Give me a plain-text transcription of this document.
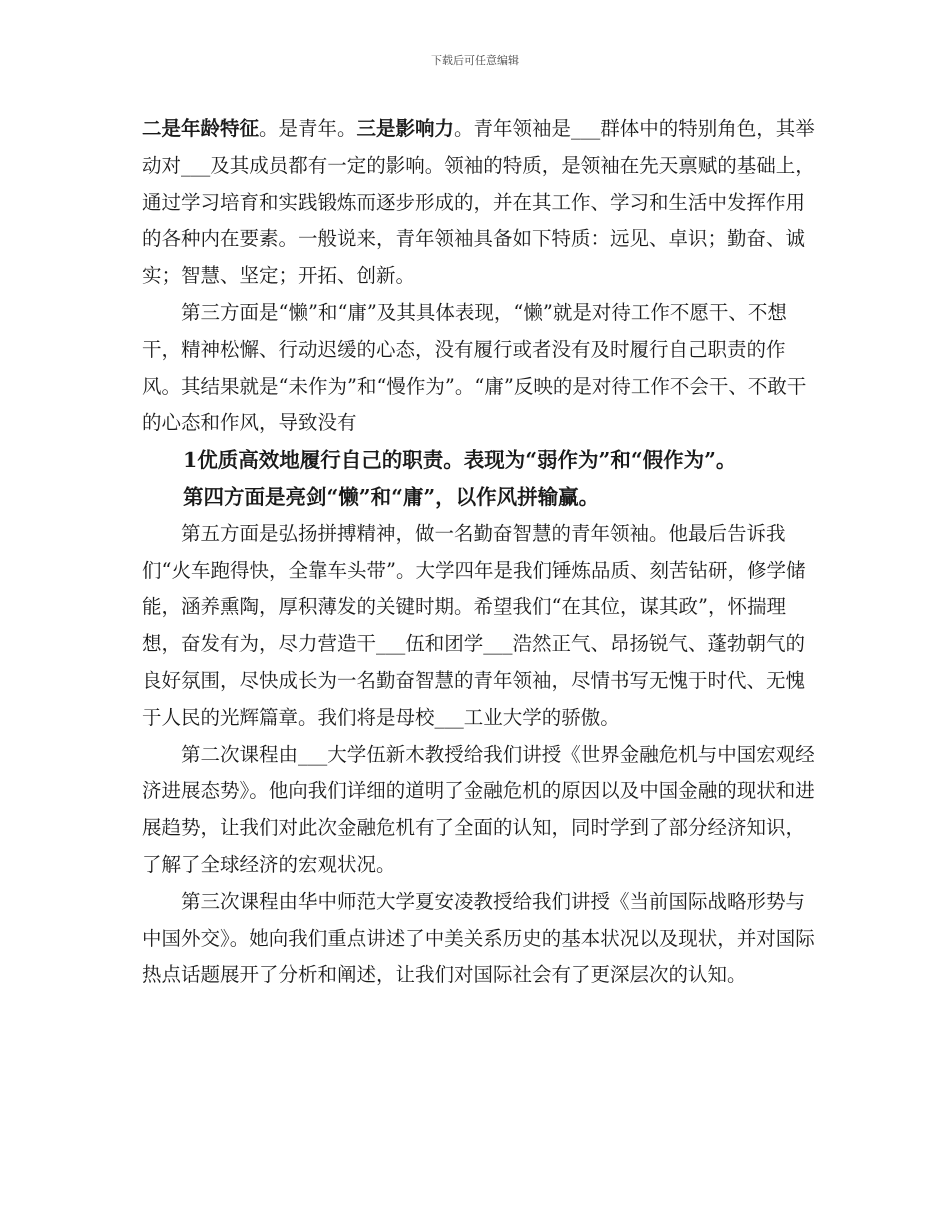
下载后可任意编辑

二是年龄特征。是青年。三是影响力。青年领袖是___群体中的特别角色，其举动对___及其成员都有一定的影响。领袖的特质，是领袖在先天禀赋的基础上，通过学习培育和实践锻炼而逐步形成的，并在其工作、学习和生活中发挥作用的各种内在要素。一般说来，青年领袖具备如下特质：远见、卓识；勤奋、诚实；智慧、坚定；开拓、创新。

第三方面是“懒”和“庸”及其具体表现，“懒”就是对待工作不愿干、不想干，精神松懈、行动迟缓的心态，没有履行或者没有及时履行自己职责的作风。其结果就是“未作为”和“慢作为”。“庸”反映的是对待工作不会干、不敢干的心态和作风，导致没有

1优质高效地履行自己的职责。表现为“弱作为”和“假作为”。

第四方面是亮剑“懒”和“庸”，以作风拼输赢。

第五方面是弘扬拼搏精神，做一名勤奋智慧的青年领袖。他最后告诉我们“火车跑得快，全靠车头带”。大学四年是我们锤炼品质、刻苦钻研，修学储能，涵养熏陶，厚积薄发的关键时期。希望我们“在其位，谋其政”，怀揣理想，奋发有为，尽力营造干___伍和团学___浩然正气、昂扬锐气、蓬勃朝气的良好氛围，尽快成长为一名勤奋智慧的青年领袖，尽情书写无愧于时代、无愧于人民的光辉篇章。我们将是母校___工业大学的骄傲。

第二次课程由___大学伍新木教授给我们讲授《世界金融危机与中国宏观经济进展态势》。他向我们详细的道明了金融危机的原因以及中国金融的现状和进展趋势，让我们对此次金融危机有了全面的认知，同时学到了部分经济知识，了解了全球经济的宏观状况。

第三次课程由华中师范大学夏安凌教授给我们讲授《当前国际战略形势与中国外交》。她向我们重点讲述了中美关系历史的基本状况以及现状，并对国际热点话题展开了分析和阐述，让我们对国际社会有了更深层次的认知。
